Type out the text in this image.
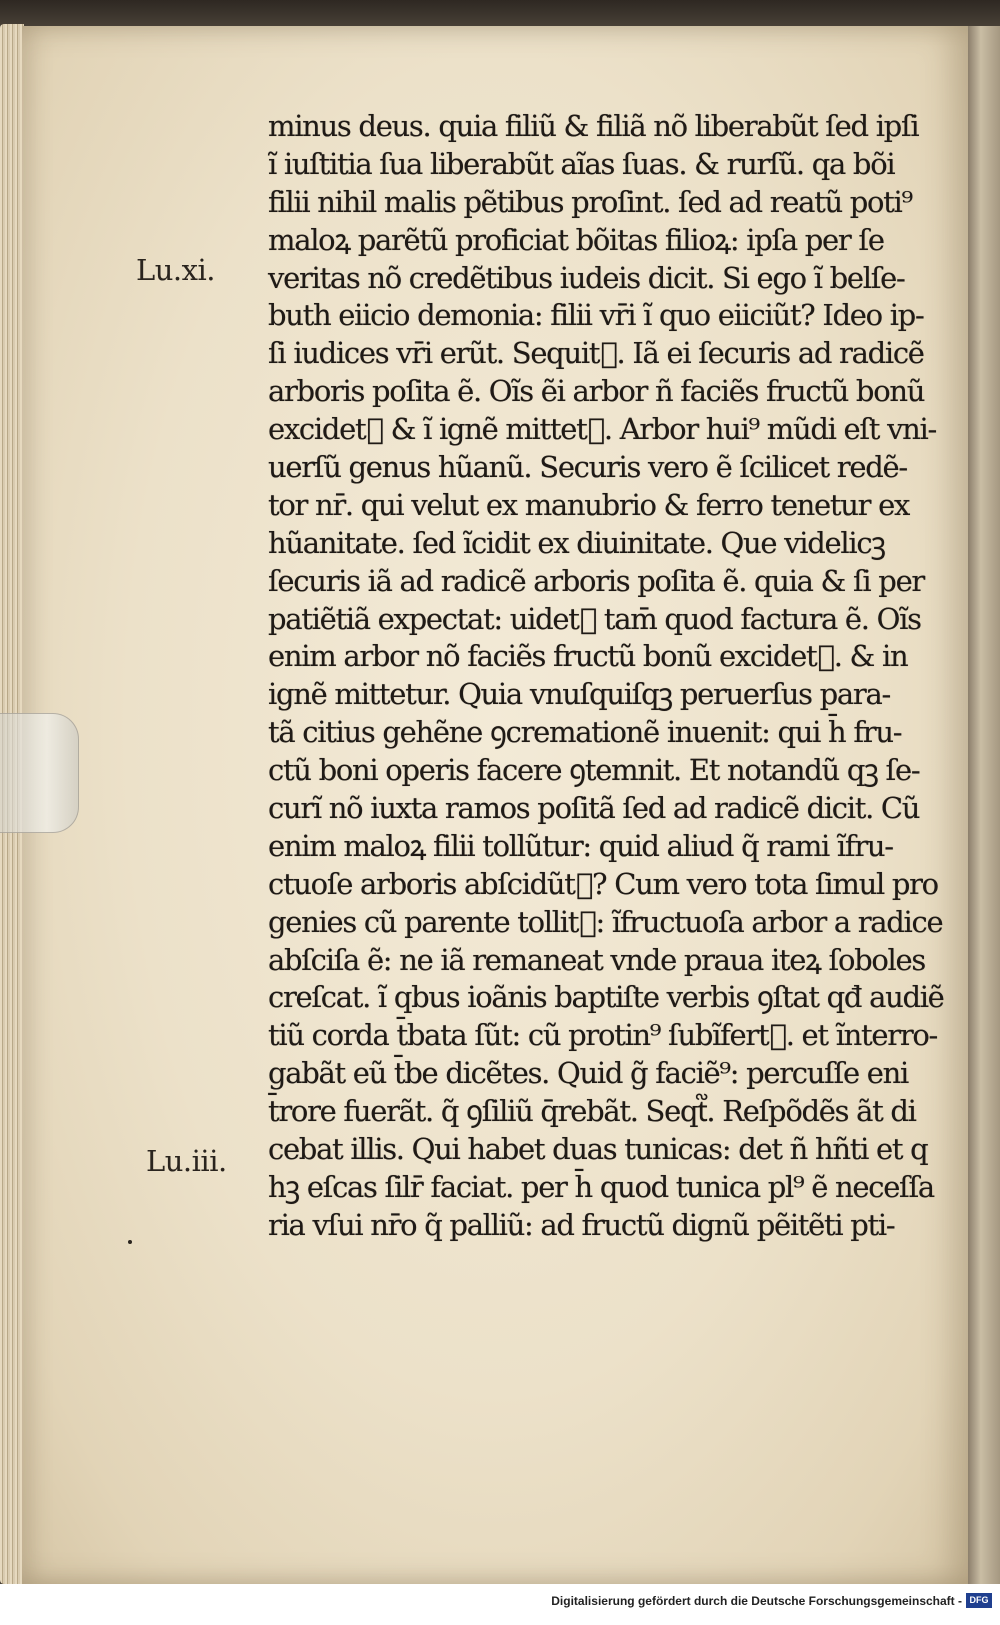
Lu.xi.
Lu.iii.
minus deus. quia filiũ & filiã nõ liberabũt ſed ipſi
ĩ iuſtitia ſua liberabũt aĩas ſuas. & rurſũ. qa bõi
filii nihil malis pẽtibus proſint. ſed ad reatũ poti⁹
maloꝝ parẽtũ proficiat bõitas filioꝝ: ipſa per ſe
veritas nõ credẽtibus iudeis dicit. Si ego ĩ belſe-
buth eiicio demonia: filii vr̄i ĩ quo eiiciũt? Ideo ip-
ſi iudices vr̄i erũt. Sequit᷑. Iã ei ſecuris ad radicẽ
arboris poſita ẽ. Oĩs ẽi arbor ñ faciẽs fructũ bonũ
excidet᷑ & ĩ ignẽ mittet᷑. Arbor hui⁹ mũdi eſt vni-
uerſũ genus hũanũ. Securis vero ẽ ſcilicet redẽ-
tor nr̄. qui velut ex manubrio & ferro tenetur ex
hũanitate. ſed ĩcidit ex diuinitate. Que videlicꝫ
ſecuris iã ad radicẽ arboris poſita ẽ. quia & ſi per
patiẽtiã expectat: uidet᷑ tam̄ quod factura ẽ. Oĩs
enim arbor nõ faciẽs fructũ bonũ excidet᷑. & in
ignẽ mittetur. Quia vnuſquiſqꝫ peruerſus para-
tã citius gehẽne ꝯcremationẽ inuenit: qui h̄ fru-
ctũ boni operis facere ꝯtemnit. Et notandũ qꝫ ſe-
curĩ nõ iuxta ramos poſitã ſed ad radicẽ dicit. Cũ
enim maloꝝ filii tollũtur: quid aliud q̃ rami ĩfru-
ctuoſe arboris abſcidũt᷑? Cum vero tota ſimul pro
genies cũ parente tollit᷑: ĩfructuoſa arbor a radice
abſciſa ẽ: ne iã remaneat vnde praua iteꝝ ſoboles
creſcat. ĩ qbus ioãnis baptiſte verbis ꝯſtat qđ audiẽ
tiũ corda t̄bata ſũt: cũ protin⁹ ſubĩfert᷑. et ĩnterro-
gabãt eũ t̄be dicẽtes. Quid g̃ faciẽ⁹: percuſſe eni
t̄rore fuerãt. q̃ ꝯſiliũ q̄rebãt. Seqt᷑. Reſpõdẽs ãt di
cebat illis. Qui habet duas tunicas: det ñ hñti et q
hꝫ eſcas ſilr̄ faciat. per h̄ quod tunica pl⁹ ẽ neceſſa
ria vſui nr̄o q̃ palliũ: ad fructũ dignũ pẽitẽti pti-
Digitalisierung gefördert durch die Deutsche Forschungsgemeinschaft - DFG
